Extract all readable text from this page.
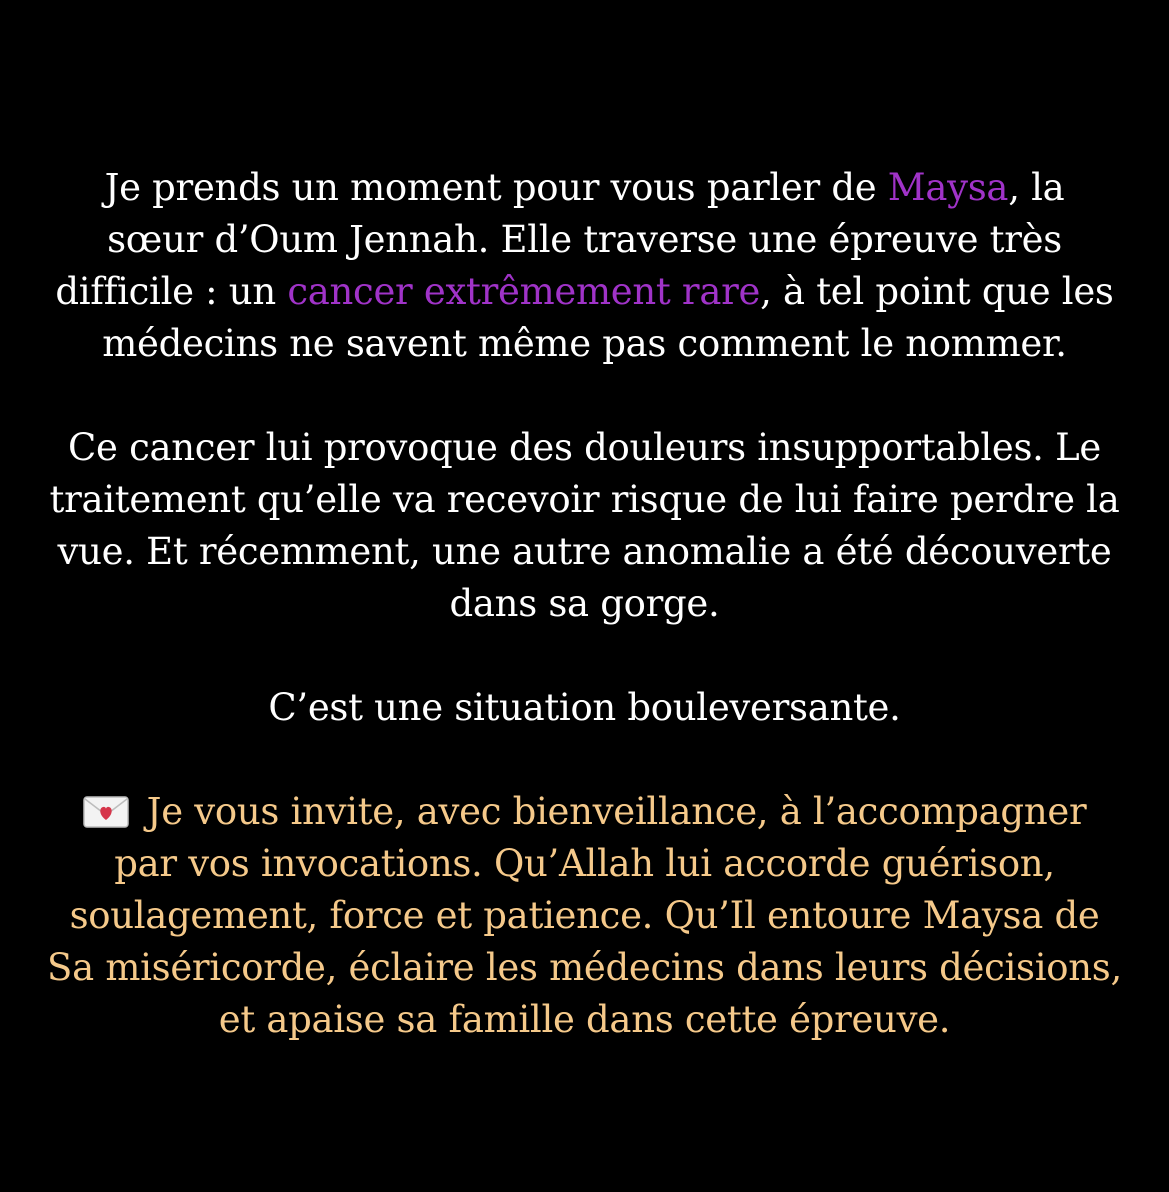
Je prends un moment pour vous parler de Maysa, la
sœur d’Oum Jennah. Elle traverse une épreuve très
difficile : un cancer extrêmement rare, à tel point que les
médecins ne savent même pas comment le nommer.
Ce cancer lui provoque des douleurs insupportables. Le
traitement qu’elle va recevoir risque de lui faire perdre la
vue. Et récemment, une autre anomalie a été découverte
dans sa gorge.
C’est une situation bouleversante.
Je vous invite, avec bienveillance, à l’accompagner
par vos invocations. Qu’Allah lui accorde guérison,
soulagement, force et patience. Qu’Il entoure Maysa de
Sa miséricorde, éclaire les médecins dans leurs décisions,
et apaise sa famille dans cette épreuve.
